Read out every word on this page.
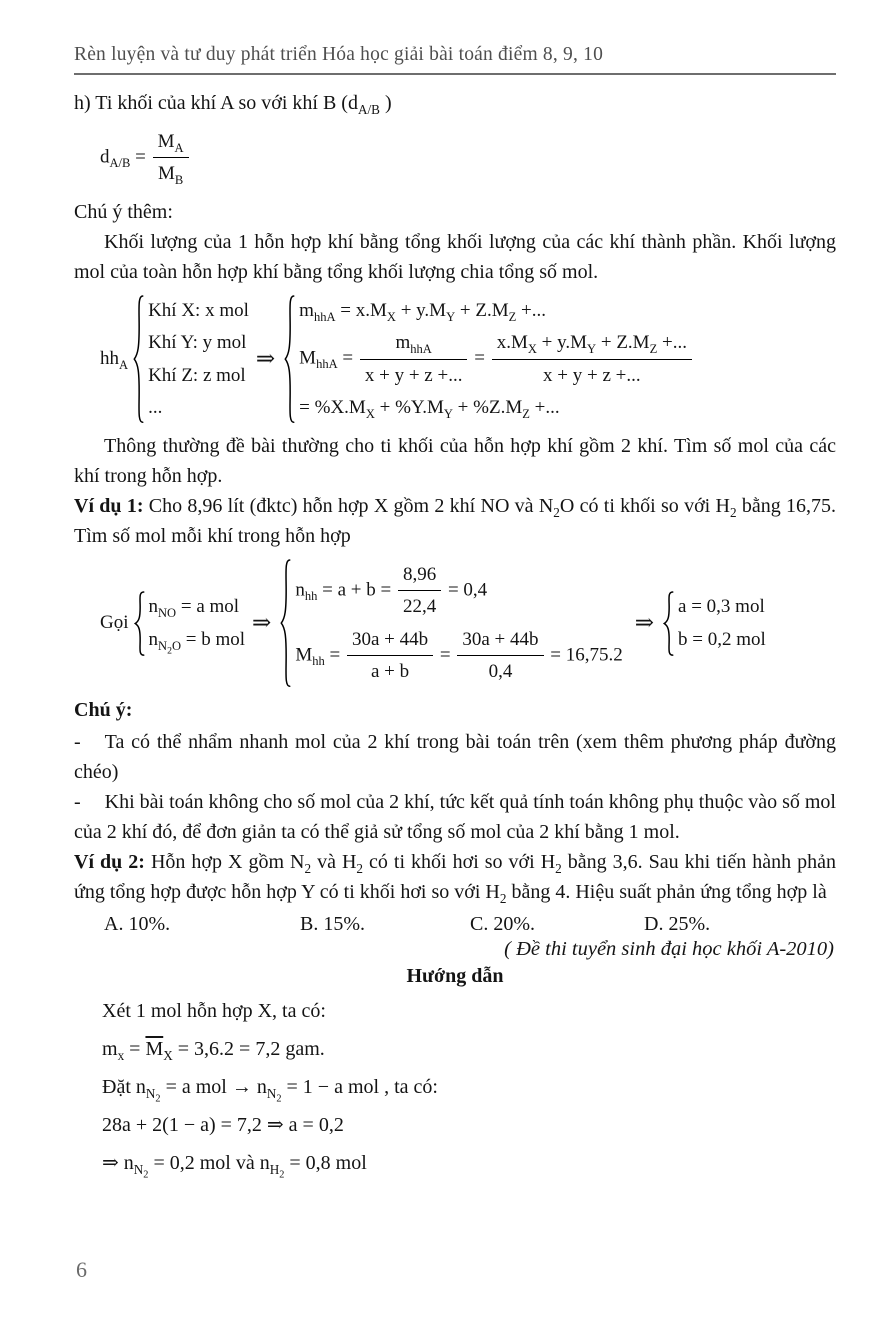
Rèn luyện và tư duy phát triển Hóa học giải bài toán điểm 8, 9, 10

h) Ti khối của khí A so với khí B ($d_{A/B}$ )

$d_{A/B} = \frac{M_A}{M_B}$

Chú ý thêm:

Khối lượng của 1 hỗn hợp khí bằng tổng khối lượng của các khí thành phần. Khối lượng mol của toàn hỗn hợp khí bằng tổng khối lượng chia tổng số mol.

$hh_A$
Khí X: x mol
Khí Y: y mol
Khí Z: z mol
...
⇒
$m_{hhA} = x.M_X + y.M_Y + Z.M_Z$ +...
$M_{hhA} = \frac{m_{hhA}}{x + y + z +...} = \frac{x.M_X + y.M_Y + Z.M_Z +...}{x + y + z +...}$
= $\%X.M_X + \%Y.M_Y + \%Z.M_Z$ +...

Thông thường đề bài thường cho ti khối của hỗn hợp khí gồm 2 khí. Tìm số mol của các khí trong hỗn hợp.

Ví dụ 1: Cho 8,96 lít (đktc) hỗn hợp X gồm 2 khí NO và $N_2O$ có ti khối so với $H_2$ bằng 16,75. Tìm số mol mỗi khí trong hỗn hợp

Gọi
$n_{NO} = a$ mol
$n_{N_2O} = b$ mol
⇒
$n_{hh} = a + b = \frac{8,96}{22,4} = 0,4$
$M_{hh} = \frac{30a + 44b}{a + b} = \frac{30a + 44b}{0,4} = 16,75.2$
⇒
a = 0,3 mol
b = 0,2 mol

Chú ý:

- Ta có thể nhẩm nhanh mol của 2 khí trong bài toán trên (xem thêm phương pháp đường chéo)

- Khi bài toán không cho số mol của 2 khí, tức kết quả tính toán không phụ thuộc vào số mol của 2 khí đó, để đơn giản ta có thể giả sử tổng số mol của 2 khí bằng 1 mol.

Ví dụ 2: Hỗn hợp X gồm $N_2$ và $H_2$ có ti khối hơi so với $H_2$ bằng 3,6. Sau khi tiến hành phản ứng tổng hợp được hỗn hợp Y có ti khối hơi so với $H_2$ bằng 4. Hiệu suất phản ứng tổng hợp là

A. 10%.	B. 15%.	C. 20%.	D. 25%.
( Đề thi tuyển sinh đại học khối A-2010)
Hướng dẫn
Xét 1 mol hỗn hợp X, ta có:
$m_x = \overline{M}_X = 3,6.2 = 7,2$ gam.
Đặt $n_{N_2} = a$ mol → $n_{N_2} = 1 - a$ mol , ta có:
28a + 2(1 − a) = 7,2 ⇒ a = 0,2
⇒ $n_{N_2} = 0,2$ mol và $n_{H_2} = 0,8$ mol
6
